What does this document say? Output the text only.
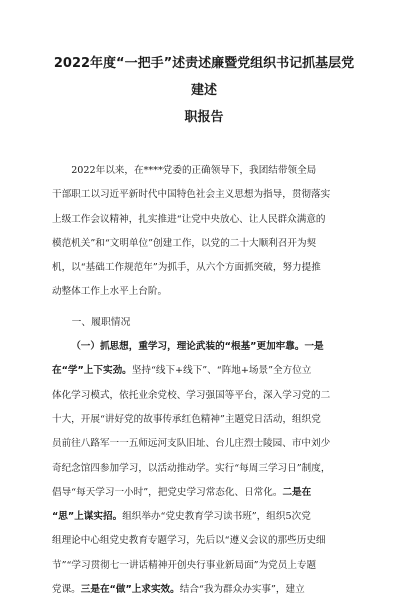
2022年度“一把手”述责述廉暨党组织书记抓基层党建述
职报告
2022年以来，在****党委的正确领导下，我团结带领全局
干部职工以习近平新时代中国特色社会主义思想为指导，贯彻落实
上级工作会议精神，扎实推进“让党中央放心、让人民群众满意的
模范机关”和“文明单位”创建工作，以党的二十大顺利召开为契
机，以“基础工作规范年”为抓手，从六个方面抓突破，努力提推
动整体工作上水平上台阶。
一、履职情况
（一）抓思想，重学习，理论武装的“根基”更加牢靠。一是
在“学”上下实劲。坚持“线下+线下”、“阵地+场景”全方位立
体化学习模式，依托业余党校、学习强国等平台，深入学习党的二
十大，开展“讲好党的故事传承红色精神”主题党日活动，组织党
员前往八路军一一五师远河支队旧址、台儿庄烈士陵园、市中刘少
奇纪念馆四参加学习，以活动推动学。实行“每周三学习日”制度，
倡导“每天学习一小时”，把党史学习常态化、日常化。二是在
“思”上谋实招。组织举办“党史教育学习读书班”，组织5次党
组理论中心组党史教育专题学习，先后以“遵义会议的那些历史细
节”“学习贯彻七一讲话精神开创央行事业新局面”为党员上专题
党课。三是在“做”上求实效。结合“我为群众办实事”，建立
